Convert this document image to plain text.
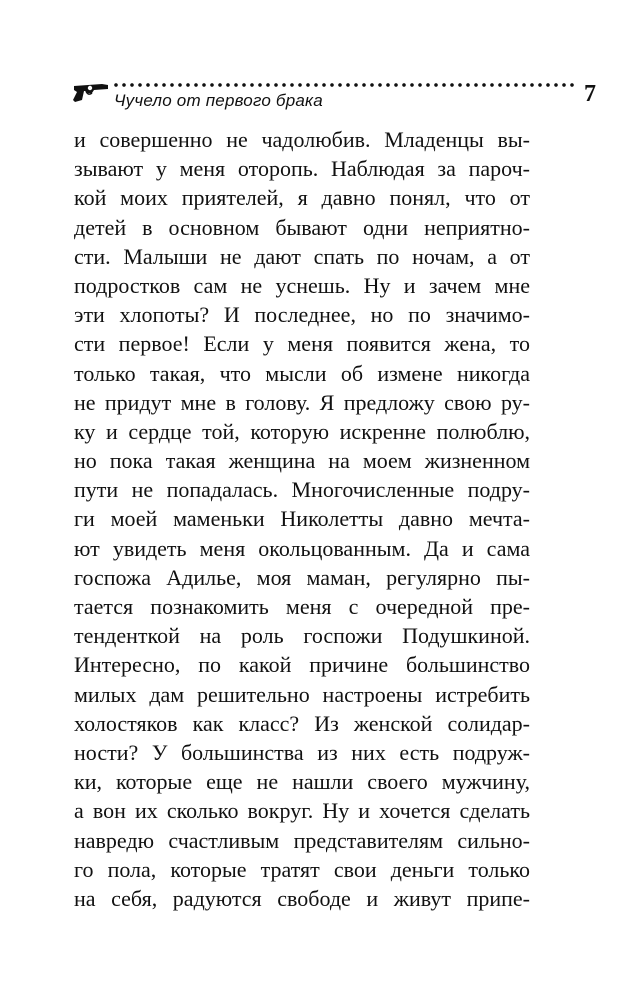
Чучело от первого брака	7
и совершенно не чадолюбив. Младенцы вы-
зывают у меня оторопь. Наблюдая за пароч-
кой моих приятелей, я давно понял, что от
детей в основном бывают одни неприятно-
сти. Малыши не дают спать по ночам, а от
подростков сам не уснешь. Ну и зачем мне
эти хлопоты? И последнее, но по значимо-
сти первое! Если у меня появится жена, то
только такая, что мысли об измене никогда
не придут мне в голову. Я предложу свою ру-
ку и сердце той, которую искренне полюблю,
но пока такая женщина на моем жизненном
пути не попадалась. Многочисленные подру-
ги моей маменьки Николетты давно мечта-
ют увидеть меня окольцованным. Да и сама
госпожа Адилье, моя маман, регулярно пы-
тается познакомить меня с очередной пре-
тенденткой на роль госпожи Подушкиной.
Интересно, по какой причине большинство
милых дам решительно настроены истребить
холостяков как класс? Из женской солидар-
ности? У большинства из них есть подруж-
ки, которые еще не нашли своего мужчину,
а вон их сколько вокруг. Ну и хочется сделать
навредю счастливым представителям сильно-
го пола, которые тратят свои деньги только
на себя, радуются свободе и живут припе-
